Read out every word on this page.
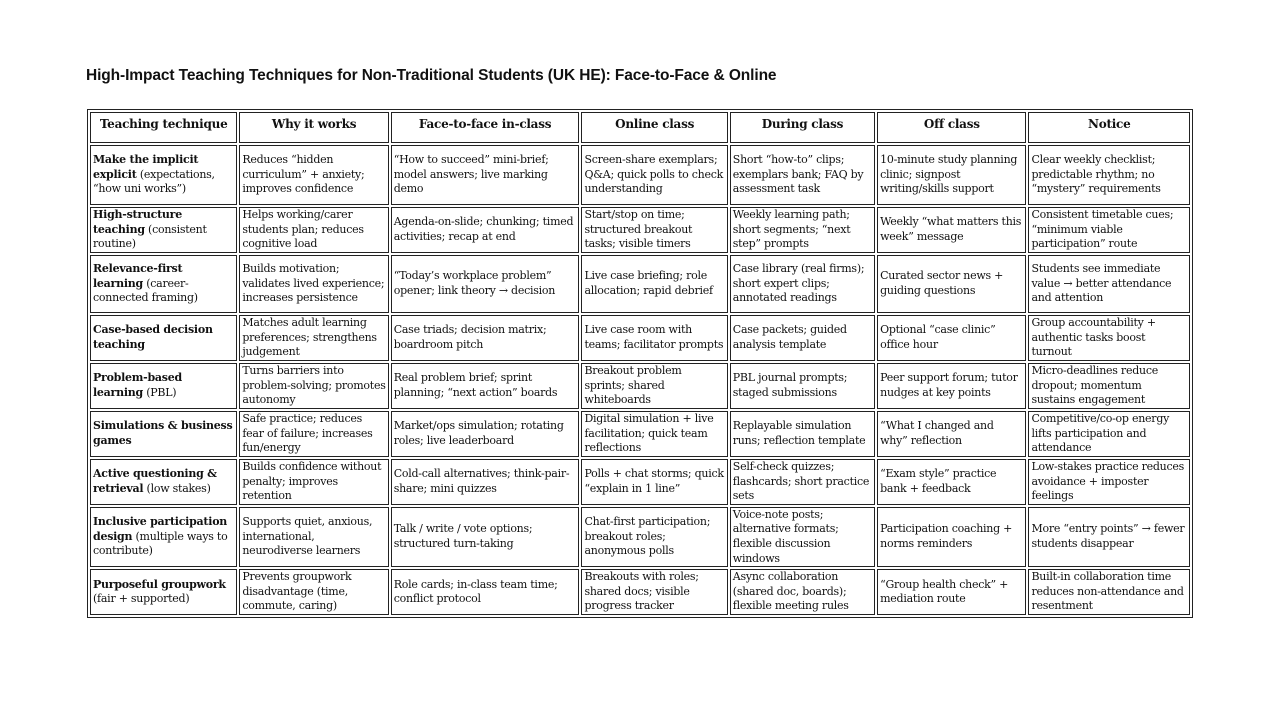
High-Impact Teaching Techniques for Non-Traditional Students (UK HE): Face-to-Face & Online
Teaching technique	Why it works	Face-to-face in-class	Online class	During class	Off class	Notice
Make the implicit explicit (expectations, “how uni works”)	Reduces “hidden curriculum” + anxiety; improves confidence	“How to succeed” mini-brief; model answers; live marking demo	Screen-share exemplars; Q&A; quick polls to check understanding	Short “how-to” clips; exemplars bank; FAQ by assessment task	10-minute study planning clinic; signpost writing/skills support	Clear weekly checklist; predictable rhythm; no “mystery” requirements
High-structure teaching (consistent routine)	Helps working/carer students plan; reduces cognitive load	Agenda-on-slide; chunking; timed activities; recap at end	Start/stop on time; structured breakout tasks; visible timers	Weekly learning path; short segments; “next step” prompts	Weekly “what matters this week” message	Consistent timetable cues; “minimum viable participation” route
Relevance-first learning (career-connected framing)	Builds motivation; validates lived experience; increases persistence	“Today’s workplace problem” opener; link theory → decision	Live case briefing; role allocation; rapid debrief	Case library (real firms); short expert clips; annotated readings	Curated sector news + guiding questions	Students see immediate value → better attendance and attention
Case-based decision teaching	Matches adult learning preferences; strengthens judgement	Case triads; decision matrix; boardroom pitch	Live case room with teams; facilitator prompts	Case packets; guided analysis template	Optional “case clinic” office hour	Group accountability + authentic tasks boost turnout
Problem-based learning (PBL)	Turns barriers into problem-solving; promotes autonomy	Real problem brief; sprint planning; “next action” boards	Breakout problem sprints; shared whiteboards	PBL journal prompts; staged submissions	Peer support forum; tutor nudges at key points	Micro-deadlines reduce dropout; momentum sustains engagement
Simulations & business games	Safe practice; reduces fear of failure; increases fun/energy	Market/ops simulation; rotating roles; live leaderboard	Digital simulation + live facilitation; quick team reflections	Replayable simulation runs; reflection template	“What I changed and why” reflection	Competitive/co-op energy lifts participation and attendance
Active questioning & retrieval (low stakes)	Builds confidence without penalty; improves retention	Cold-call alternatives; think-pair-share; mini quizzes	Polls + chat storms; quick “explain in 1 line”	Self-check quizzes; flashcards; short practice sets	“Exam style” practice bank + feedback	Low-stakes practice reduces avoidance + imposter feelings
Inclusive participation design (multiple ways to contribute)	Supports quiet, anxious, international, neurodiverse learners	Talk / write / vote options; structured turn-taking	Chat-first participation; breakout roles; anonymous polls	Voice-note posts; alternative formats; flexible discussion windows	Participation coaching + norms reminders	More “entry points” → fewer students disappear
Purposeful groupwork (fair + supported)	Prevents groupwork disadvantage (time, commute, caring)	Role cards; in-class team time; conflict protocol	Breakouts with roles; shared docs; visible progress tracker	Async collaboration (shared doc, boards); flexible meeting rules	“Group health check” + mediation route	Built-in collaboration time reduces non-attendance and resentment
